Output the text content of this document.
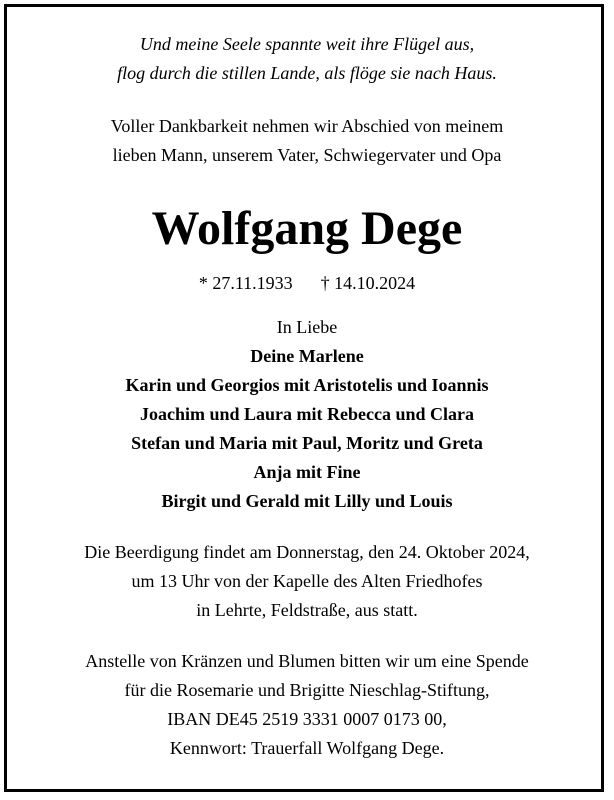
Und meine Seele spannte weit ihre Flügel aus,
flog durch die stillen Lande, als flöge sie nach Haus.
Voller Dankbarkeit nehmen wir Abschied von meinem
lieben Mann, unserem Vater, Schwiegervater und Opa
Wolfgang Dege
* 27.11.1933 † 14.10.2024
In Liebe
Deine Marlene
Karin und Georgios mit Aristotelis und Ioannis
Joachim und Laura mit Rebecca und Clara
Stefan und Maria mit Paul, Moritz und Greta
Anja mit Fine
Birgit und Gerald mit Lilly und Louis
Die Beerdigung findet am Donnerstag, den 24. Oktober 2024,
um 13 Uhr von der Kapelle des Alten Friedhofes
in Lehrte, Feldstraße, aus statt.
Anstelle von Kränzen und Blumen bitten wir um eine Spende
für die Rosemarie und Brigitte Nieschlag-Stiftung,
IBAN DE45 2519 3331 0007 0173 00,
Kennwort: Trauerfall Wolfgang Dege.
